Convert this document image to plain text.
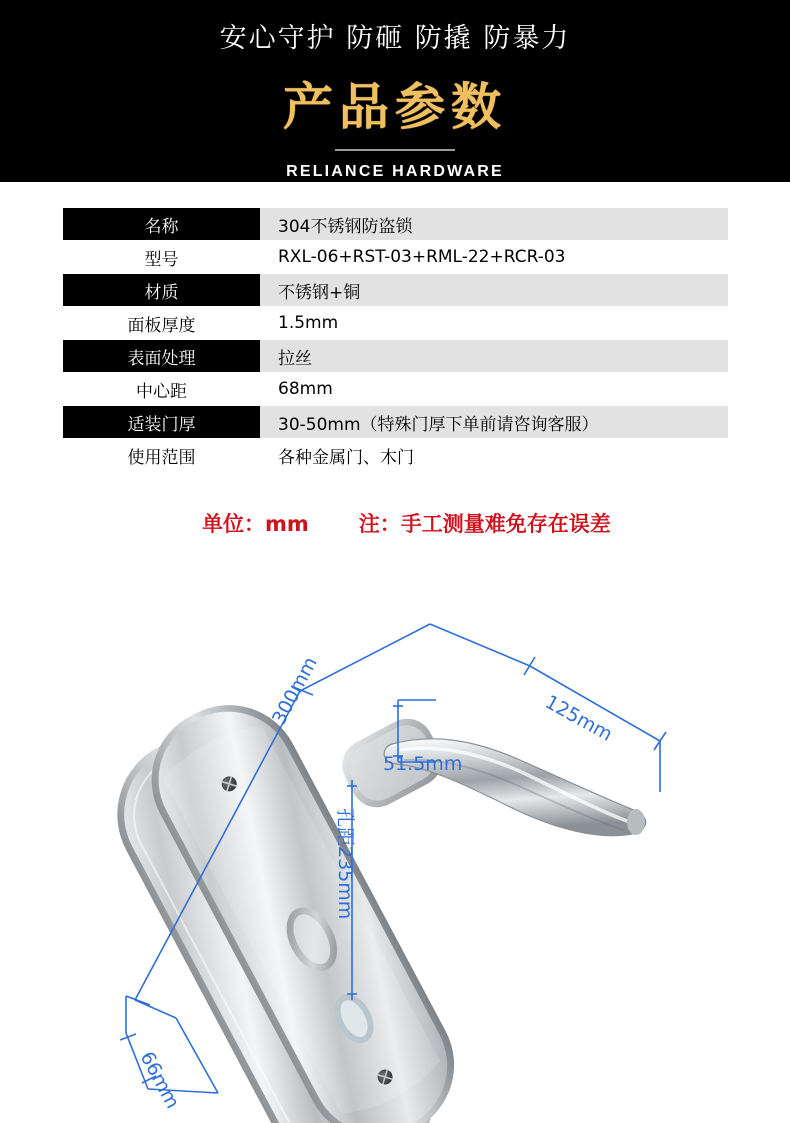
安心守护 防砸 防撬 防暴力
产品参数
RELIANCE HARDWARE
名称	304不锈钢防盗锁
型号	RXL-06+RST-03+RML-22+RCR-03
材质	不锈钢+铜
面板厚度	1.5mm
表面处理	拉丝
中心距	68mm
适装门厚	30-50mm（特殊门厚下单前请咨询客服）
使用范围	各种金属门、木门
单位：mm 注：手工测量难免存在误差
300mm	125mm
51.5mm
孔距235mm
66mm
